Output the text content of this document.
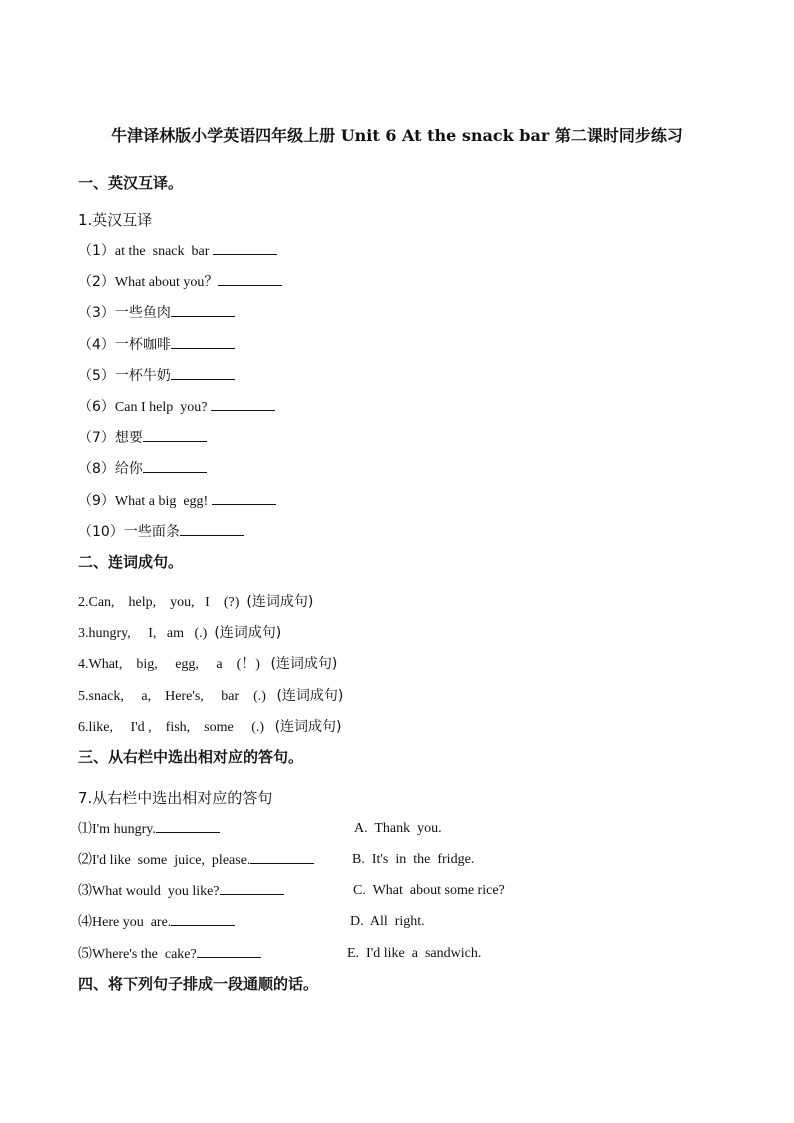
牛津译林版小学英语四年级上册 Unit 6 At the snack bar 第二课时同步练习
一、英汉互译。
1.英汉互译
（1）at the  snack  bar
（2）What about you？
（3）一些鱼肉
（4）一杯咖啡
（5）一杯牛奶
（6）Can I help  you?
（7）想要
（8）给你
（9）What a big  egg!
（10）一些面条
二、连词成句。
2.Can,    help,    you,   I    (?)  (连词成句)
3.hungry,     I,   am   (.)  (连词成句)
4.What,    big,     egg,     a    (！)   (连词成句)
5.snack,     a,    Here's,     bar    (.)   (连词成句)
6.like,     I'd ,    fish,    some     (.)   (连词成句)
三、从右栏中选出相对应的答句。
7.从右栏中选出相对应的答句
⑴I'm hungry.	A.  Thank  you.
⑵I'd like  some  juice,  please.	B.  It's  in  the  fridge.
⑶What would  you like?	C.  What  about some rice?
⑷Here you  are.	D.  All  right.
⑸Where's the  cake?	E.  I'd like  a  sandwich.
四、将下列句子排成一段通顺的话。
